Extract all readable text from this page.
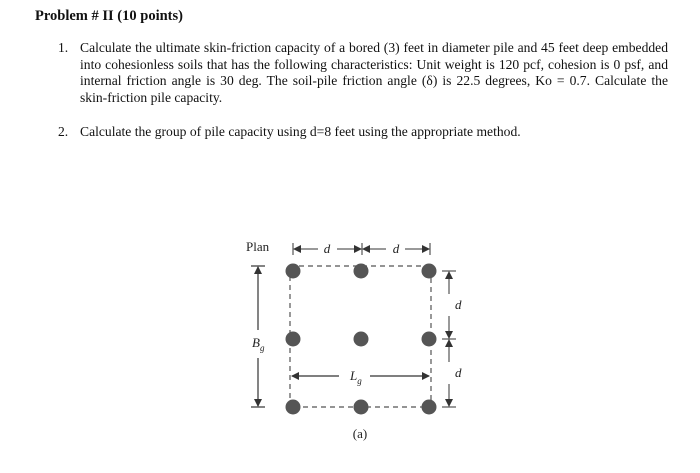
Problem # II (10 points)
1. Calculate the ultimate skin-friction capacity of a bored (3) feet in diameter pile and 45 feet deep embedded into cohesionless soils that has the following characteristics: Unit weight is 120 pcf, cohesion is 0 psf, and internal friction angle is 30 deg. The soil-pile friction angle (δ) is 22.5 degrees, Ko = 0.7. Calculate the skin-friction pile capacity.
2. Calculate the group of pile capacity using d=8 feet using the appropriate method.
Plan	d	d
$B_g$
$L_g$
d
d
(a)
